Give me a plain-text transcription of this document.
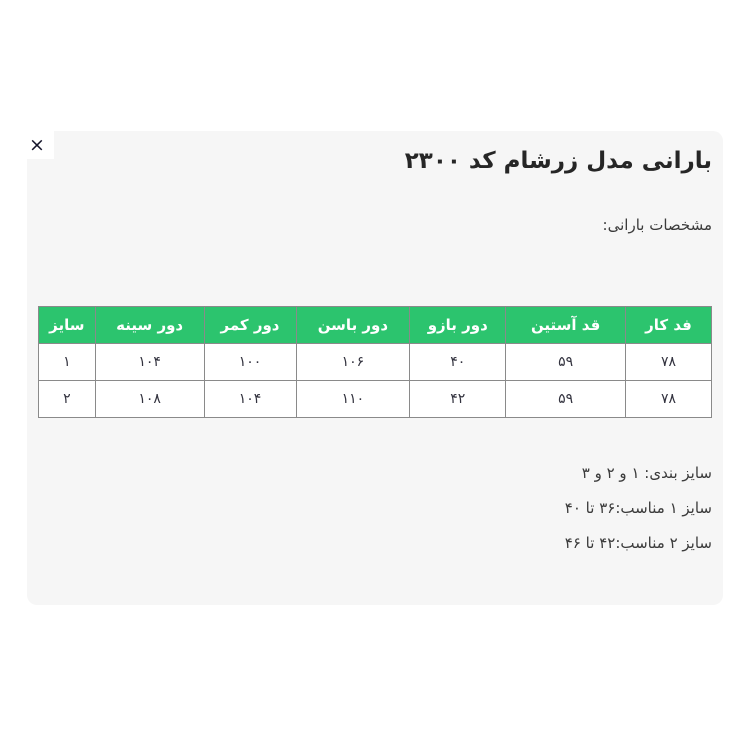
×
بارانی مدل زرشام کد ۲۳۰۰
مشخصات بارانی:
فد کار	قد آستین	دور بازو	دور باسن	دور کمر	دور سینه	سایز
۷۸	۵۹	۴۰	۱۰۶	۱۰۰	۱۰۴	۱
۷۸	۵۹	۴۲	۱۱۰	۱۰۴	۱۰۸	۲
سایز بندی: ۱ و ۲ و ۳
سایز ۱ مناسب:۳۶ تا ۴۰
سایز ۲ مناسب:۴۲ تا ۴۶
